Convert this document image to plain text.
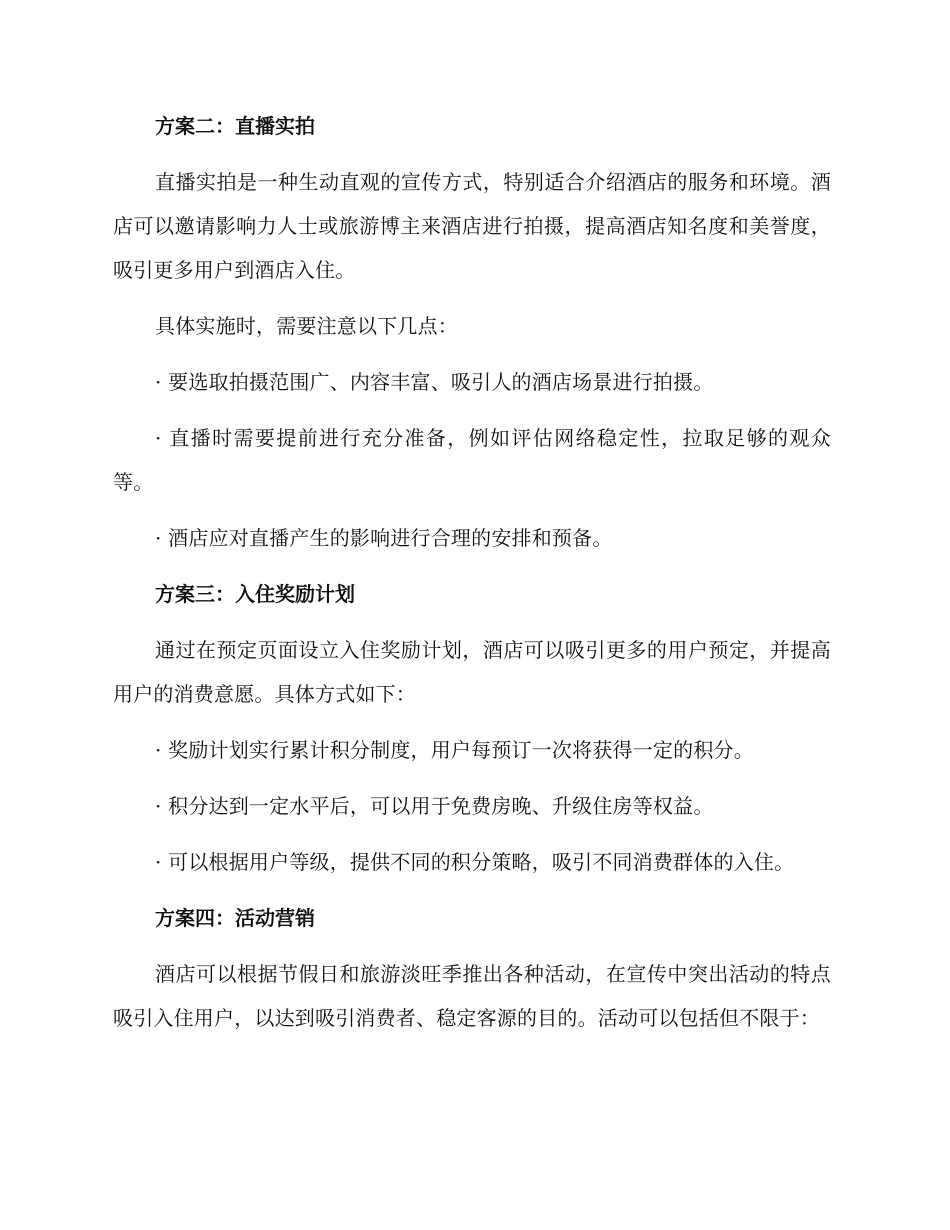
方案二：直播实拍

直播实拍是一种生动直观的宣传方式，特别适合介绍酒店的服务和环境。酒店可以邀请影响力人士或旅游博主来酒店进行拍摄，提高酒店知名度和美誉度，吸引更多用户到酒店入住。

具体实施时，需要注意以下几点：

· 要选取拍摄范围广、内容丰富、吸引人的酒店场景进行拍摄。

· 直播时需要提前进行充分准备，例如评估网络稳定性，拉取足够的观众等。

· 酒店应对直播产生的影响进行合理的安排和预备。

方案三：入住奖励计划

通过在预定页面设立入住奖励计划，酒店可以吸引更多的用户预定，并提高用户的消费意愿。具体方式如下：

· 奖励计划实行累计积分制度，用户每预订一次将获得一定的积分。

· 积分达到一定水平后，可以用于免费房晚、升级住房等权益。

· 可以根据用户等级，提供不同的积分策略，吸引不同消费群体的入住。

方案四：活动营销

酒店可以根据节假日和旅游淡旺季推出各种活动，在宣传中突出活动的特点吸引入住用户，以达到吸引消费者、稳定客源的目的。活动可以包括但不限于：
